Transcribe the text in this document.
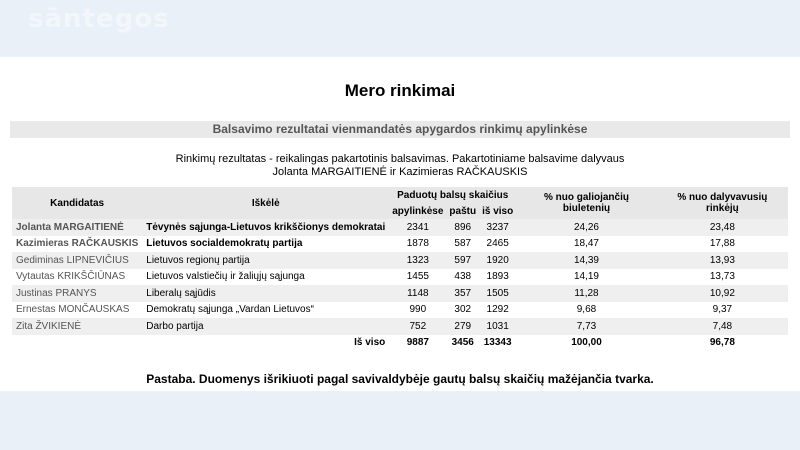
sāntegos
Mero rinkimai
Balsavimo rezultatai vienmandatės apygardos rinkimų apylinkėse
Rinkimų rezultatas - reikalingas pakartotinis balsavimas. Pakartotiniame balsavime dalyvaus
Jolanta MARGAITIENĖ ir Kazimieras RAČKAUSKIS
Kandidatas	Iškėlė	Paduotų balsų skaičius			% nuo galiojančių biuletenių	% nuo dalyvavusių rinkėjų
		apylinkėse	paštu	iš viso		
Jolanta MARGAITIENĖ	Tėvynės sąjunga-Lietuvos krikščionys demokratai	2341	896	3237	24,26	23,48
Kazimieras RAČKAUSKIS	Lietuvos socialdemokratų partija	1878	587	2465	18,47	17,88
Gediminas LIPNEVIČIUS	Lietuvos regionų partija	1323	597	1920	14,39	13,93
Vytautas KRIKŠČIŪNAS	Lietuvos valstiečių ir žaliųjų sąjunga	1455	438	1893	14,19	13,73
Justinas PRANYS	Liberalų sąjūdis	1148	357	1505	11,28	10,92
Ernestas MONČAUSKAS	Demokratų sąjunga „Vardan Lietuvos“	990	302	1292	9,68	9,37
Zita ŽVIKIENĖ	Darbo partija	752	279	1031	7,73	7,48
	Iš viso	9887	3456	13343	100,00	96,78
Pastaba. Duomenys išrikiuoti pagal savivaldybėje gautų balsų skaičių mažėjančia tvarka.
